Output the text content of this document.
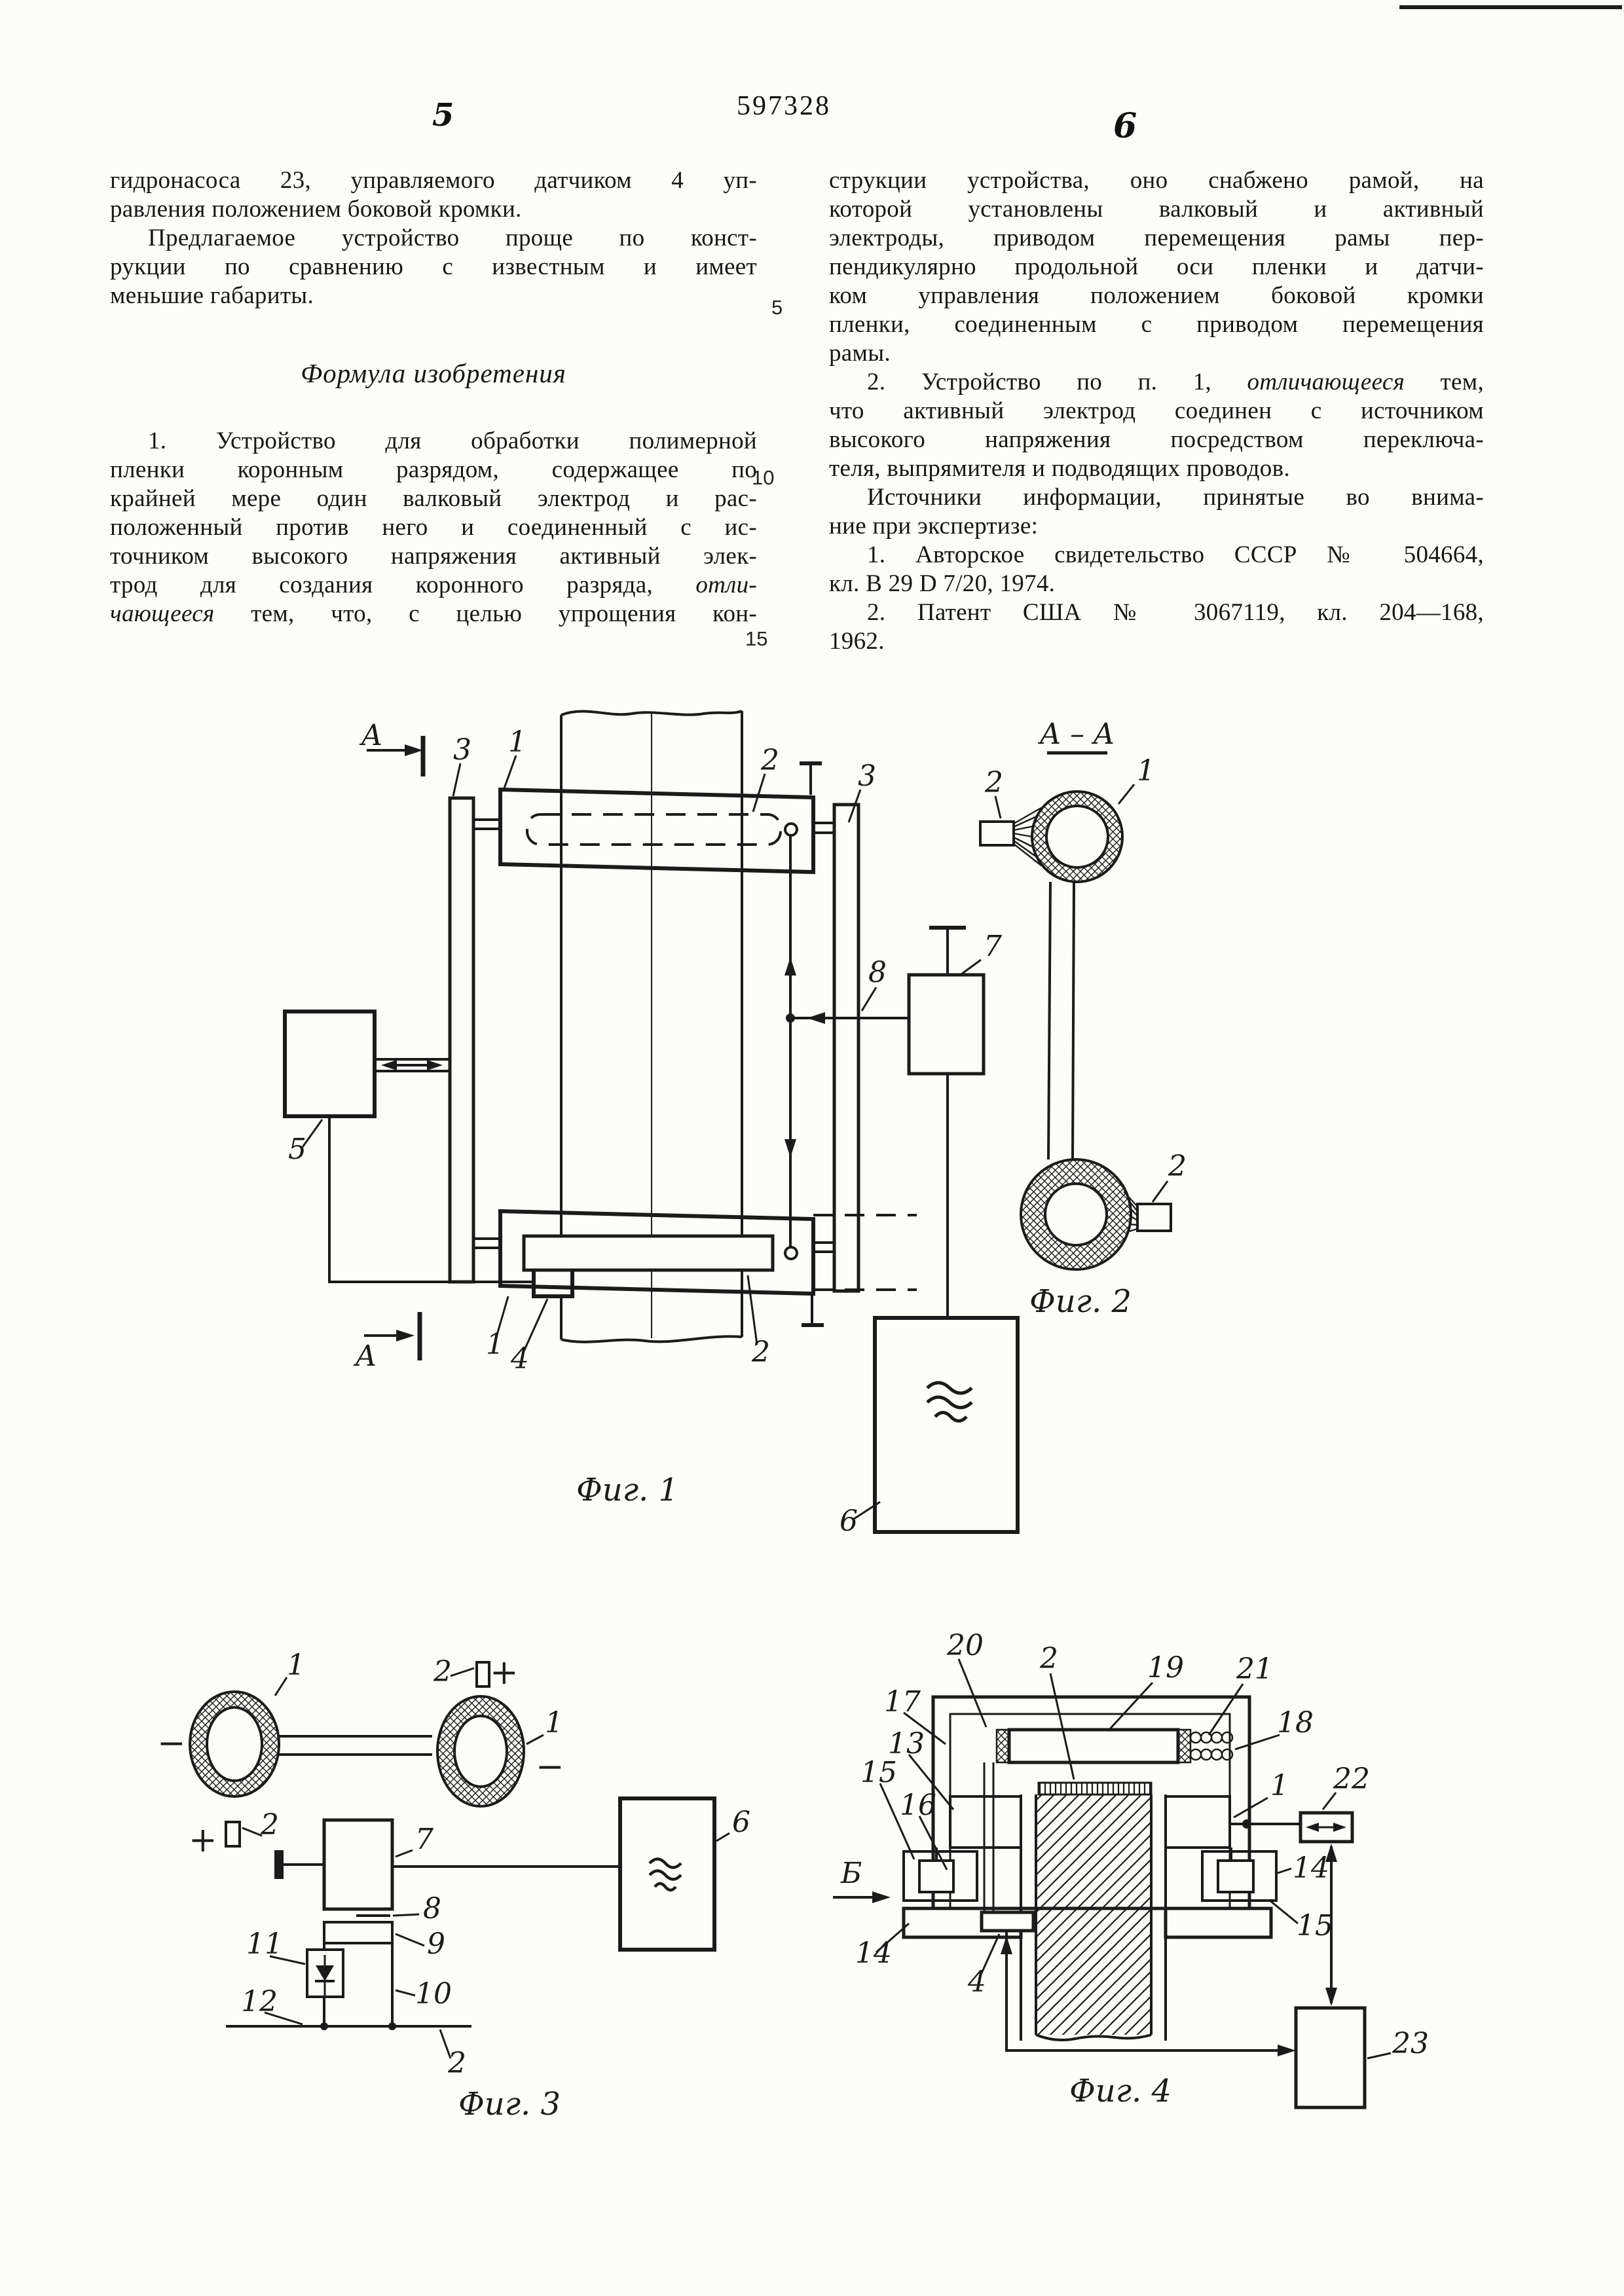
5	597328	6
гидронасоса 23, управляемого датчиком 4 уп-
равления положением боковой кромки.
Предлагаемое устройство проще по конст-
рукции по сравнению с известным и имеет
меньшие габариты.
Формула изобретения
1. Устройство для обработки полимерной
пленки коронным разрядом, содержащее по
крайней мере один валковый электрод и рас-
положенный против него и соединенный с ис-
точником высокого напряжения активный элек-
трод для создания коронного разряда, отли-
чающееся тем, что, с целью упрощения кон-
струкции устройства, оно снабжено рамой, на
которой установлены валковый и активный
электроды, приводом перемещения рамы пер-
пендикулярно продольной оси пленки и датчи-
ком управления положением боковой кромки
пленки, соединенным с приводом перемещения
рамы.
2. Устройство по п. 1, отличающееся тем,
что активный электрод соединен с источником
высокого напряжения посредством переключа-
теля, выпрямителя и подводящих проводов.
Источники информации, принятые во внима-
ние при экспертизе:
1. Авторское свидетельство СССР № 504664,
кл. B 29 D 7/20, 1974.
2. Патент США № 3067119, кл. 204—168,
1962.
5
10
15
A
A
3 1
2	3
5
4
8
7
1	2
6
Фиг. 1
A – A
2	1
2
Фиг. 2
1
1
2
2
+
+
−
−
7
6
8
9
10
11
12
2
Фиг. 3
20 2	19 21
18
17
13
15
16
Б
14
4
1 22
14
15
23
Фиг. 4
